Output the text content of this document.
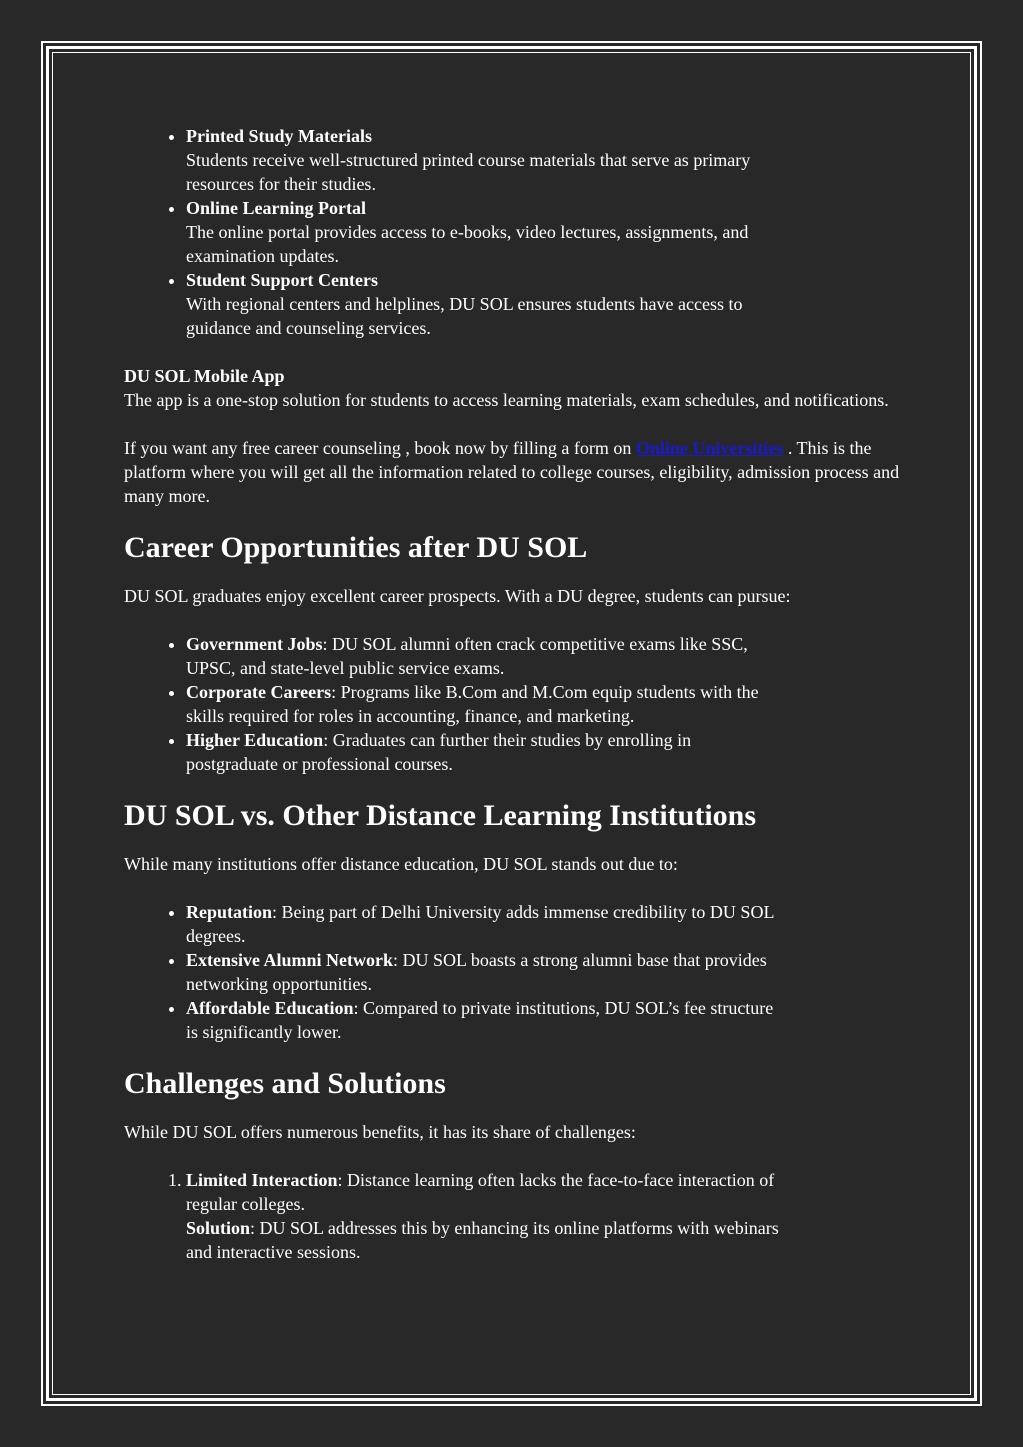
• Printed Study Materials
Students receive well-structured printed course materials that serve as primary resources for their studies.
• Online Learning Portal
The online portal provides access to e-books, video lectures, assignments, and examination updates.
• Student Support Centers
With regional centers and helplines, DU SOL ensures students have access to guidance and counseling services.

DU SOL Mobile App
The app is a one-stop solution for students to access learning materials, exam schedules, and notifications.

If you want any free career counseling , book now by filling a form on Online Universities . This is the platform where you will get all the information related to college courses, eligibility, admission process and many more.

Career Opportunities after DU SOL

DU SOL graduates enjoy excellent career prospects. With a DU degree, students can pursue:

• Government Jobs: DU SOL alumni often crack competitive exams like SSC, UPSC, and state-level public service exams.
• Corporate Careers: Programs like B.Com and M.Com equip students with the skills required for roles in accounting, finance, and marketing.
• Higher Education: Graduates can further their studies by enrolling in postgraduate or professional courses.
DU SOL vs. Other Distance Learning Institutions

While many institutions offer distance education, DU SOL stands out due to:

• Reputation: Being part of Delhi University adds immense credibility to DU SOL degrees.
• Extensive Alumni Network: DU SOL boasts a strong alumni base that provides networking opportunities.
• Affordable Education: Compared to private institutions, DU SOL’s fee structure is significantly lower.
Challenges and Solutions

While DU SOL offers numerous benefits, it has its share of challenges:

1. Limited Interaction: Distance learning often lacks the face-to-face interaction of regular colleges.
Solution: DU SOL addresses this by enhancing its online platforms with webinars and interactive sessions.
